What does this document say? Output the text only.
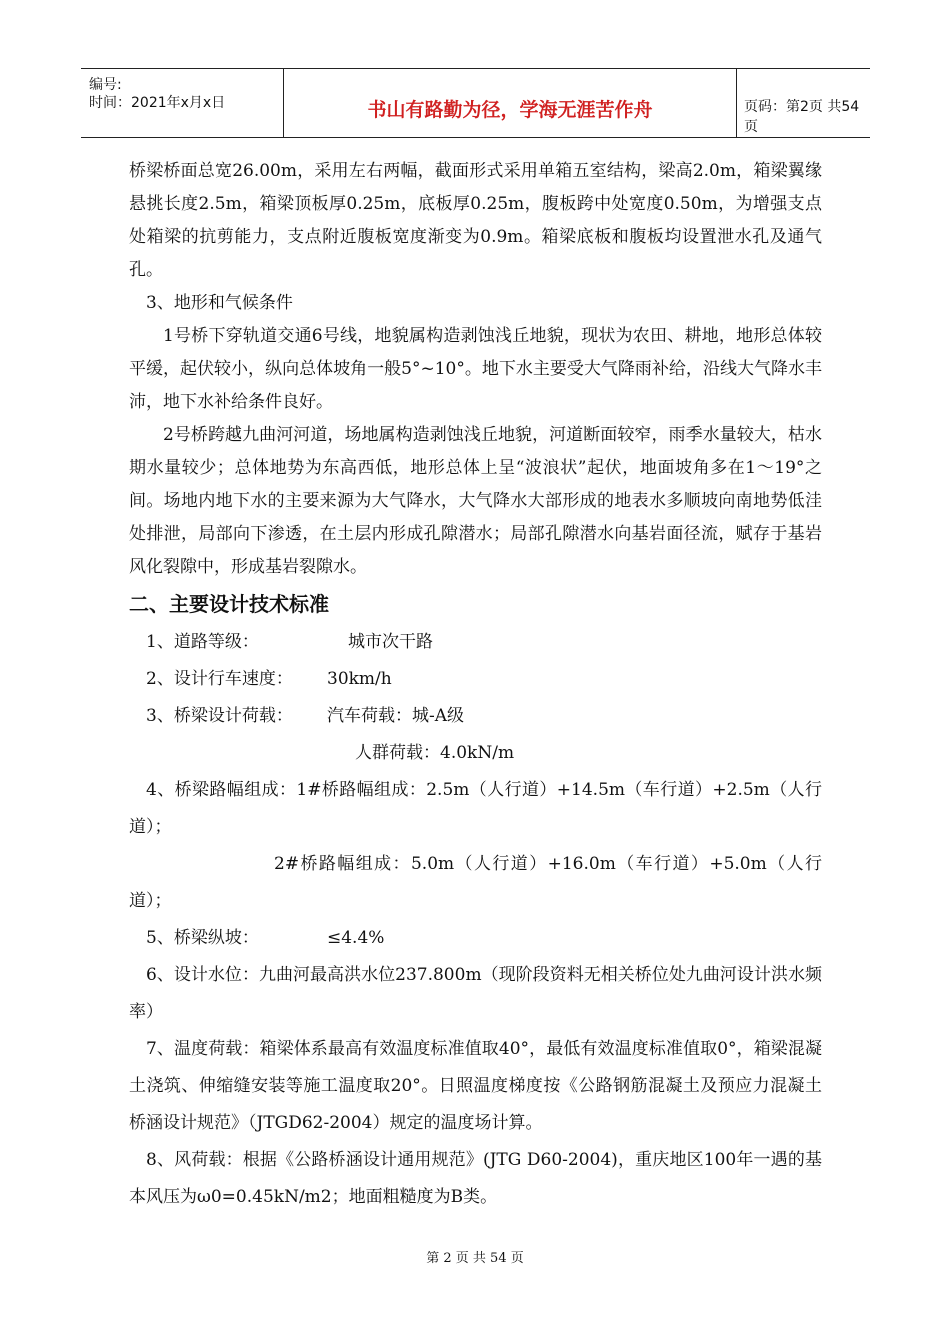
编号:
时间：2021年x月x日	书山有路勤为径，学海无涯苦作舟	页码：第2页 共54页

桥梁桥面总宽26.00m，采用左右两幅，截面形式采用单箱五室结构，梁高2.0m，箱梁翼缘悬挑长度2.5m，箱梁顶板厚0.25m，底板厚0.25m，腹板跨中处宽度0.50m，为增强支点处箱梁的抗剪能力，支点附近腹板宽度渐变为0.9m。箱梁底板和腹板均设置泄水孔及通气孔。

3、地形和气候条件

1号桥下穿轨道交通6号线，地貌属构造剥蚀浅丘地貌，现状为农田、耕地，地形总体较平缓，起伏较小，纵向总体坡角一般5°~10°。地下水主要受大气降雨补给，沿线大气降水丰沛，地下水补给条件良好。

2号桥跨越九曲河河道，场地属构造剥蚀浅丘地貌，河道断面较窄，雨季水量较大，枯水期水量较少；总体地势为东高西低，地形总体上呈“波浪状”起伏，地面坡角多在1～19°之间。场地内地下水的主要来源为大气降水，大气降水大部形成的地表水多顺坡向南地势低洼处排泄，局部向下渗透，在土层内形成孔隙潜水；局部孔隙潜水向基岩面径流，赋存于基岩风化裂隙中，形成基岩裂隙水。

二、主要设计技术标准
1、道路等级：	城市次干路
2、设计行车速度：	30km/h
3、桥梁设计荷载：	汽车荷载：城-A级
人群荷载：4.0kN/m

4、桥梁路幅组成：1#桥路幅组成：2.5m（人行道）+14.5m（车行道）+2.5m（人行道）；

2#桥路幅组成：5.0m（人行道）+16.0m（车行道）+5.0m（人行道）；

5、桥梁纵坡：	≤4.4%

6、设计水位：九曲河最高洪水位237.800m（现阶段资料无相关桥位处九曲河设计洪水频率）

7、温度荷载：箱梁体系最高有效温度标准值取40°，最低有效温度标准值取0°，箱梁混凝土浇筑、伸缩缝安装等施工温度取20°。日照温度梯度按《公路钢筋混凝土及预应力混凝土桥涵设计规范》（JTGD62-2004）规定的温度场计算。

8、风荷载：根据《公路桥涵设计通用规范》(JTG D60-2004)，重庆地区100年一遇的基本风压为ω0=0.45kN/m2；地面粗糙度为B类。

第 2 页 共 54 页
